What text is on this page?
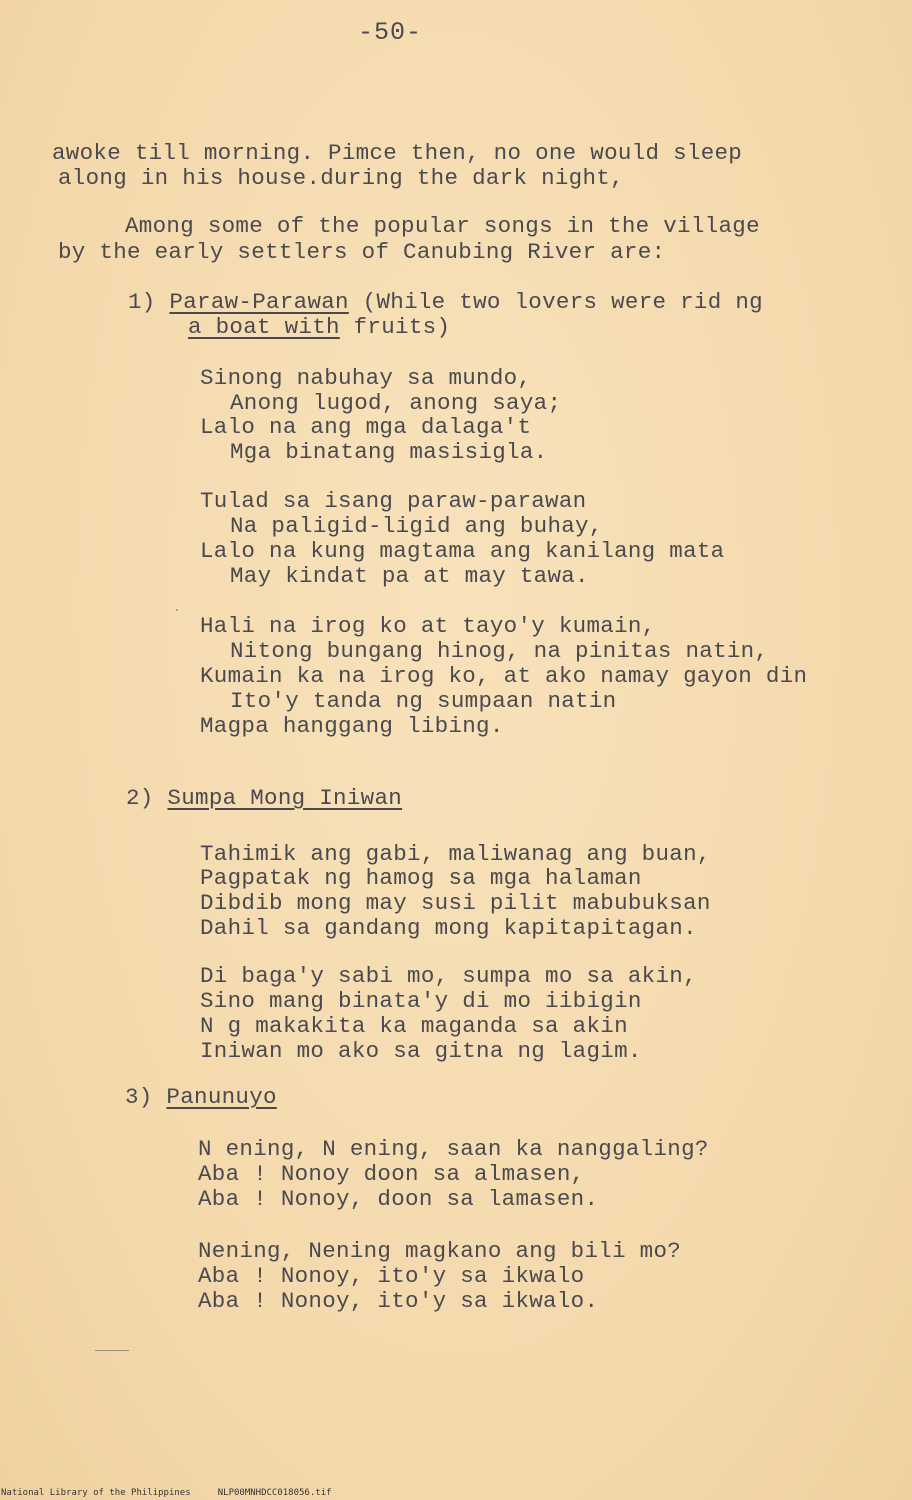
-50-
awoke till morning. Pimce then, no one would sleep
along in his house.during the dark night,
Among some of the popular songs in the village
by the early settlers of Canubing River are:
1) Paraw-Parawan (While two lovers were rid ng
a boat with fruits)
Sinong nabuhay sa mundo,
Anong lugod, anong saya;
Lalo na ang mga dalaga't
Mga binatang masisigla.
Tulad sa isang paraw-parawan
Na paligid-ligid ang buhay,
Lalo na kung magtama ang kanilang mata
May kindat pa at may tawa.
Hali na irog ko at tayo'y kumain,
Nitong bungang hinog, na pinitas natin,
Kumain ka na irog ko, at ako namay gayon din
Ito'y tanda ng sumpaan natin
Magpa hanggang libing.
2) Sumpa Mong Iniwan
Tahimik ang gabi, maliwanag ang buan,
Pagpatak ng hamog sa mga halaman
Dibdib mong may susi pilit mabubuksan
Dahil sa gandang mong kapitapitagan.
Di baga'y sabi mo, sumpa mo sa akin,
Sino mang binata'y di mo iibigin
N g makakita ka maganda sa akin
Iniwan mo ako sa gitna ng lagim.
3) Panunuyo
N ening, N ening, saan ka nanggaling?
Aba ! Nonoy doon sa almasen,
Aba ! Nonoy, doon sa lamasen.
Nening, Nening magkano ang bili mo?
Aba ! Nonoy, ito'y sa ikwalo
Aba ! Nonoy, ito'y sa ikwalo.
National Library of the Philippines     NLP00MNHDCC018056.tif
